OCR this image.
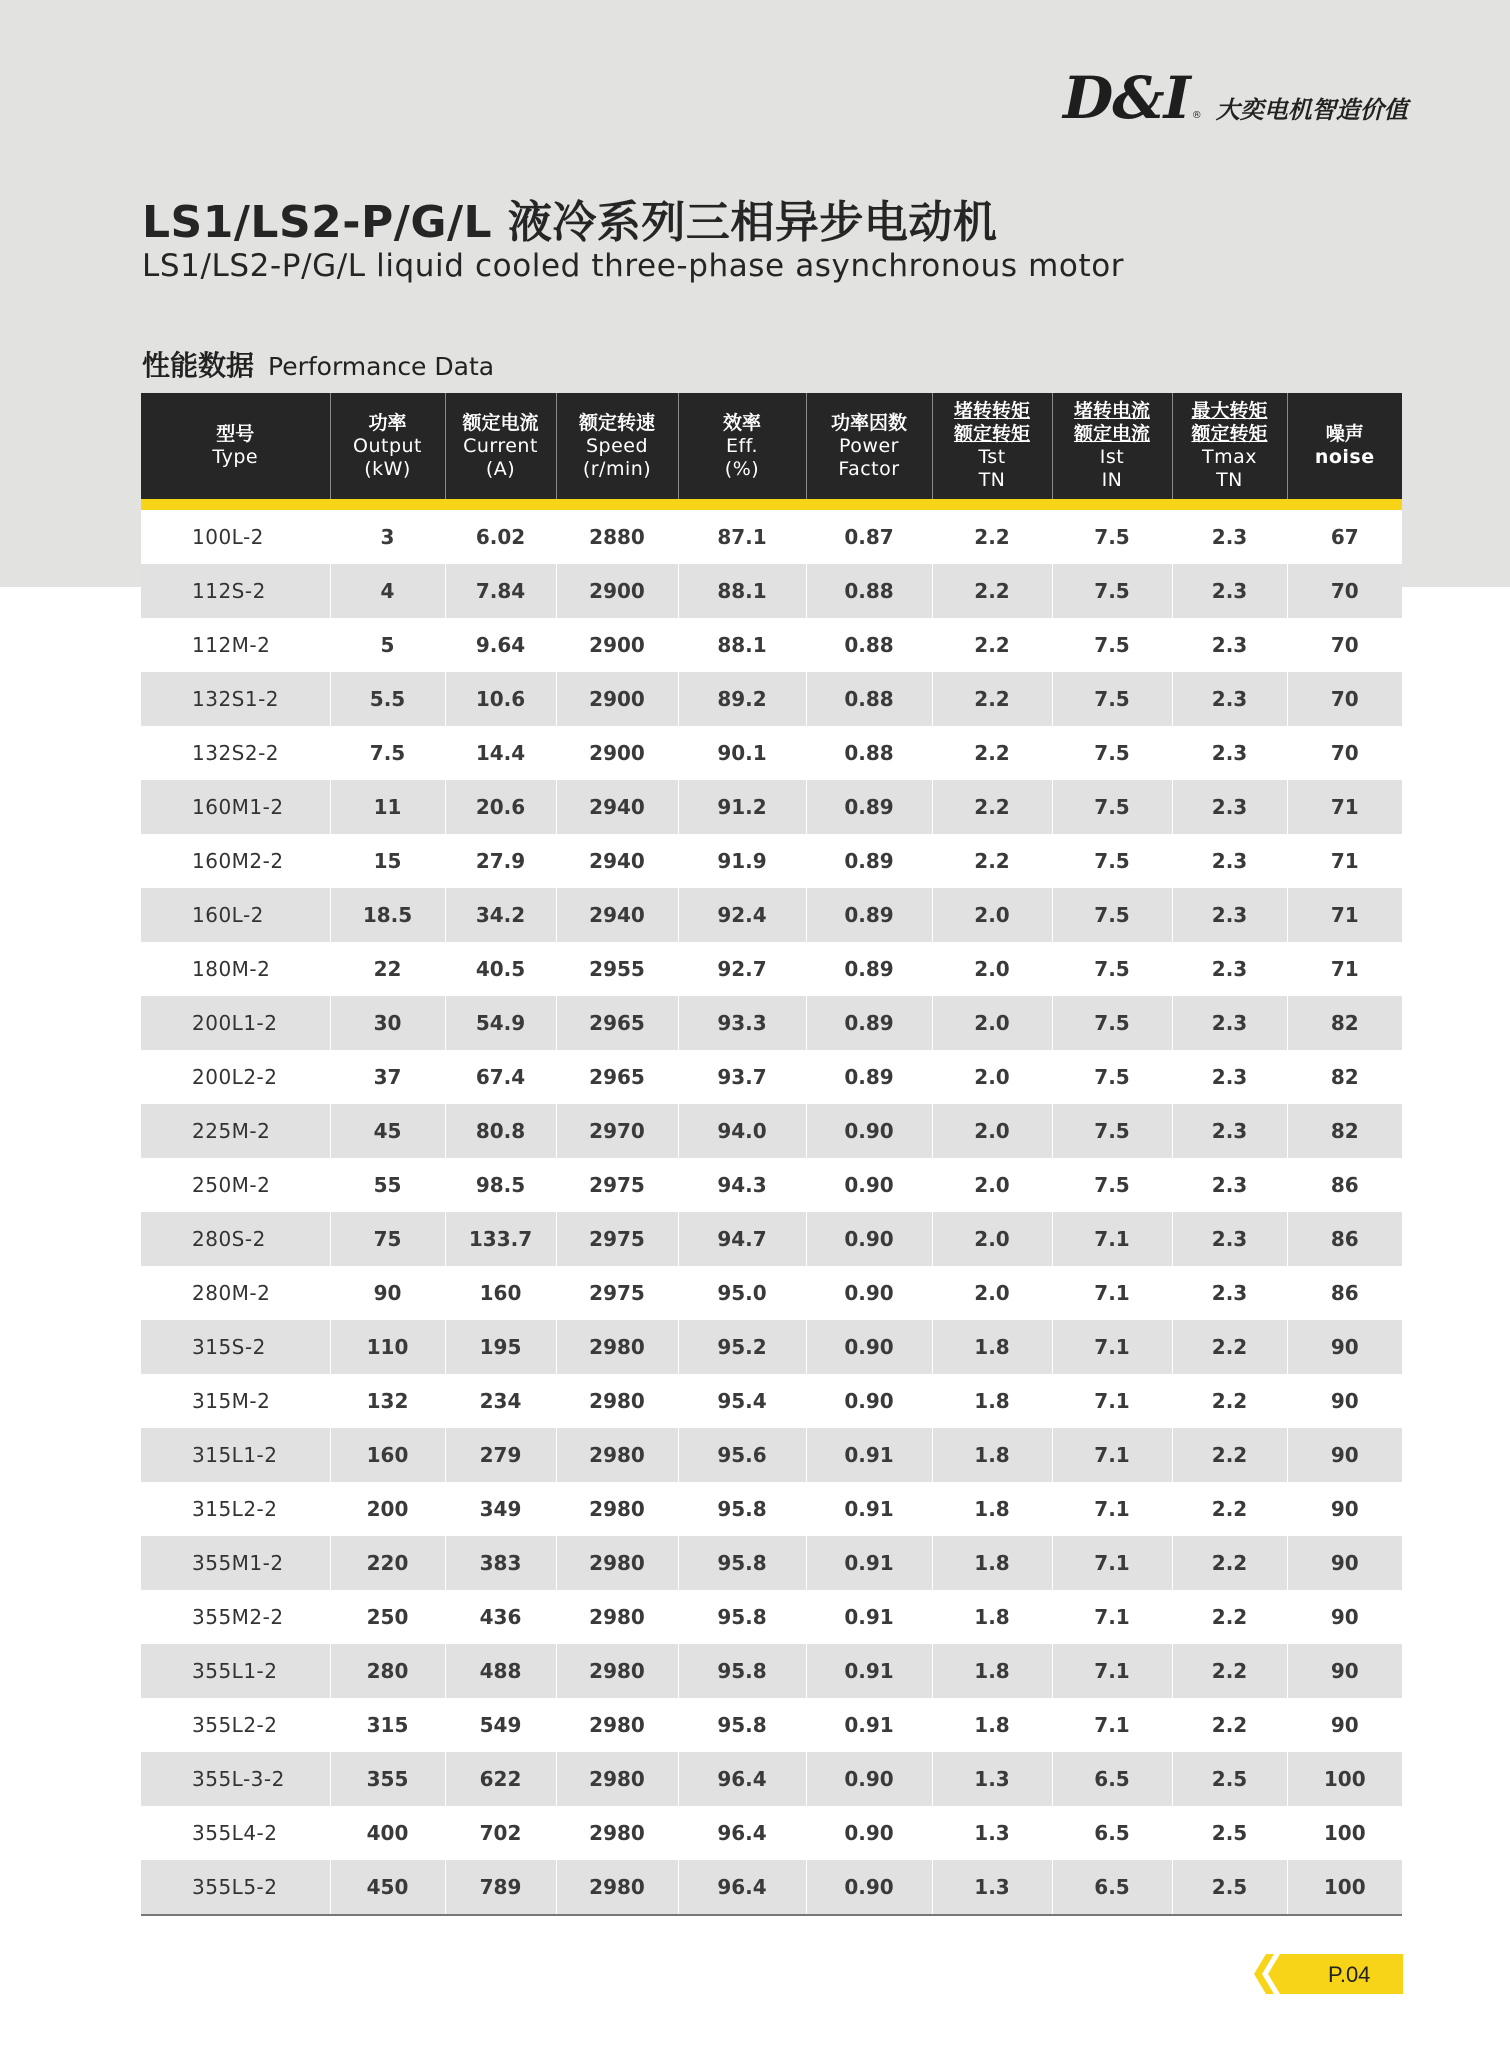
D&I ® 大奕电机智造价值
LS1/LS2-P/G/L 液冷系列三相异步电动机
LS1/LS2-P/G/L liquid cooled three-phase asynchronous motor
性能数据 Performance Data
型号
Type	功率
Output
(kW)	额定电流
Current
(A)	额定转速
Speed
(r/min)	效率
Eff.
(%)	功率因数
Power
Factor	堵转转矩
额定转矩
Tst
TN	堵转电流
额定电流
Ist
IN	最大转矩
额定转矩
Tmax
TN	噪声
noise

100L-2	3	6.02	2880	87.1	0.87	2.2	7.5	2.3	67
112S-2	4	7.84	2900	88.1	0.88	2.2	7.5	2.3	70
112M-2	5	9.64	2900	88.1	0.88	2.2	7.5	2.3	70
132S1-2	5.5	10.6	2900	89.2	0.88	2.2	7.5	2.3	70
132S2-2	7.5	14.4	2900	90.1	0.88	2.2	7.5	2.3	70
160M1-2	11	20.6	2940	91.2	0.89	2.2	7.5	2.3	71
160M2-2	15	27.9	2940	91.9	0.89	2.2	7.5	2.3	71
160L-2	18.5	34.2	2940	92.4	0.89	2.0	7.5	2.3	71
180M-2	22	40.5	2955	92.7	0.89	2.0	7.5	2.3	71
200L1-2	30	54.9	2965	93.3	0.89	2.0	7.5	2.3	82
200L2-2	37	67.4	2965	93.7	0.89	2.0	7.5	2.3	82
225M-2	45	80.8	2970	94.0	0.90	2.0	7.5	2.3	82
250M-2	55	98.5	2975	94.3	0.90	2.0	7.5	2.3	86
280S-2	75	133.7	2975	94.7	0.90	2.0	7.1	2.3	86
280M-2	90	160	2975	95.0	0.90	2.0	7.1	2.3	86
315S-2	110	195	2980	95.2	0.90	1.8	7.1	2.2	90
315M-2	132	234	2980	95.4	0.90	1.8	7.1	2.2	90
315L1-2	160	279	2980	95.6	0.91	1.8	7.1	2.2	90
315L2-2	200	349	2980	95.8	0.91	1.8	7.1	2.2	90
355M1-2	220	383	2980	95.8	0.91	1.8	7.1	2.2	90
355M2-2	250	436	2980	95.8	0.91	1.8	7.1	2.2	90
355L1-2	280	488	2980	95.8	0.91	1.8	7.1	2.2	90
355L2-2	315	549	2980	95.8	0.91	1.8	7.1	2.2	90
355L-3-2	355	622	2980	96.4	0.90	1.3	6.5	2.5	100
355L4-2	400	702	2980	96.4	0.90	1.3	6.5	2.5	100
355L5-2	450	789	2980	96.4	0.90	1.3	6.5	2.5	100
P.04
